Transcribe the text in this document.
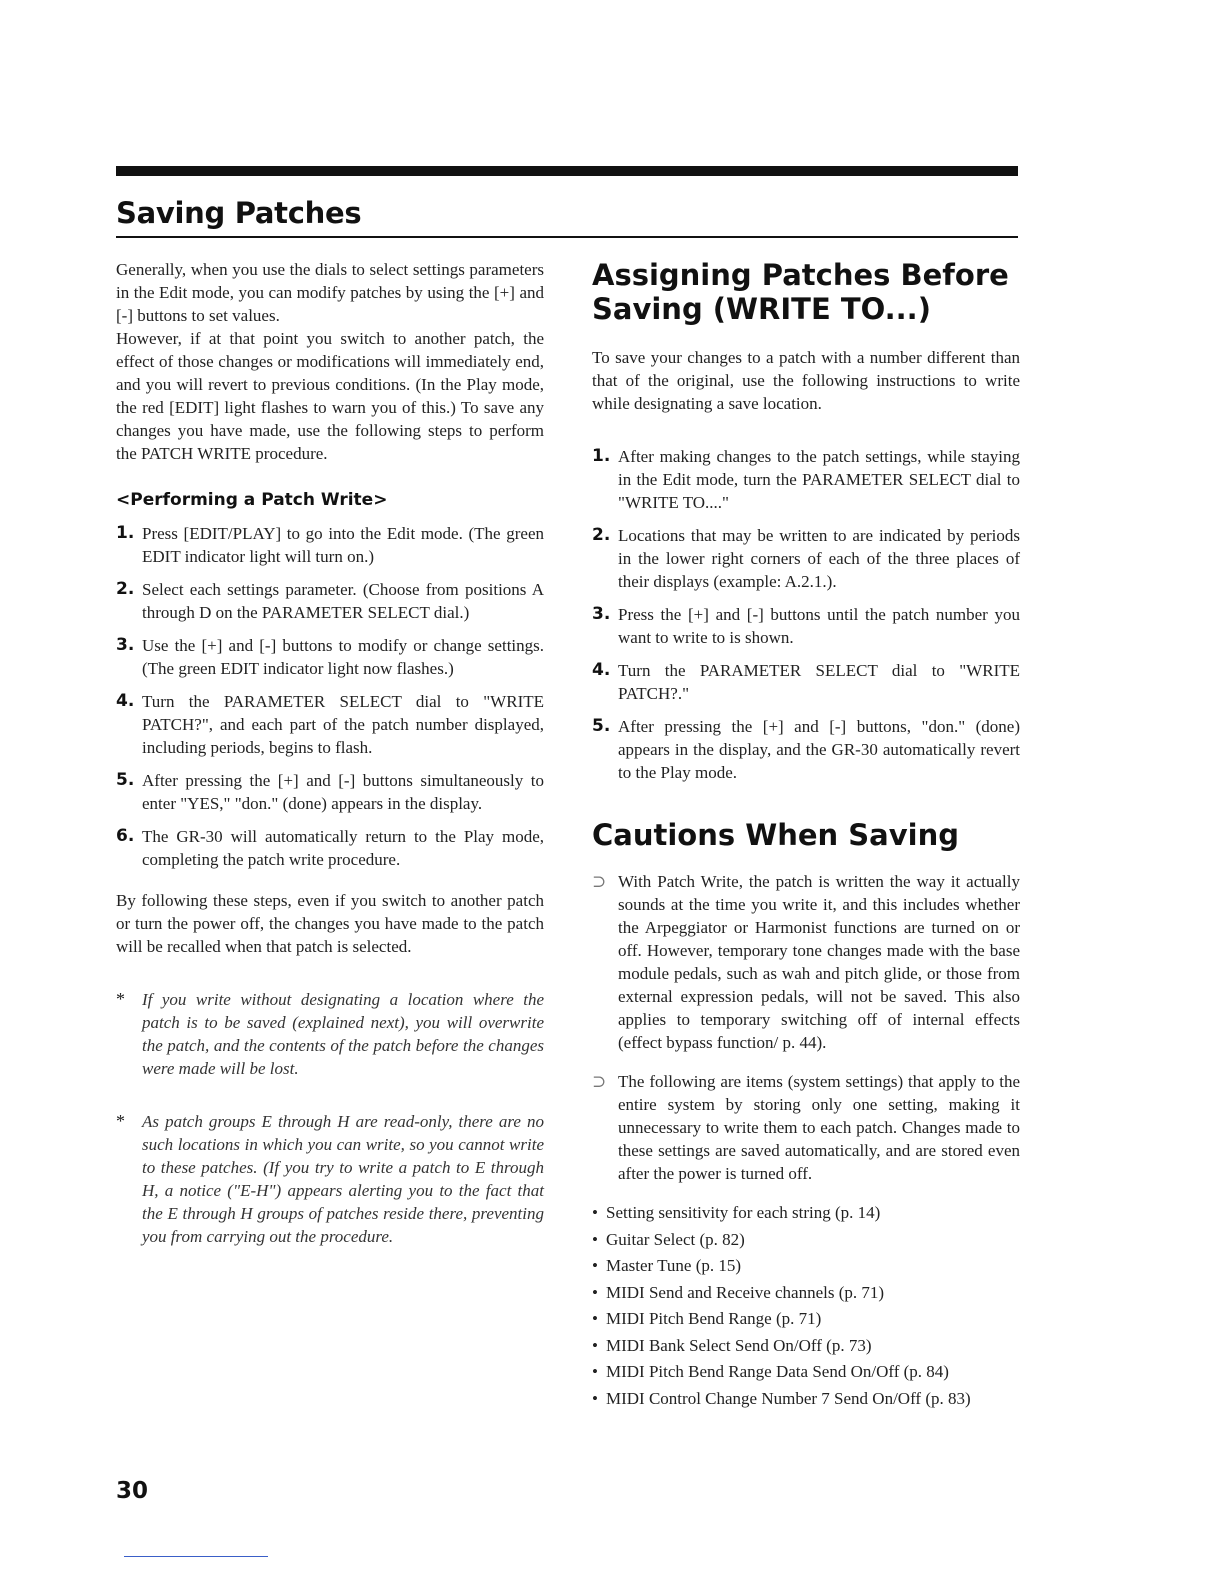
Saving Patches

Generally, when you use the dials to select settings parameters in the Edit mode, you can modify patches by using the [+] and [-] buttons to set values.

However, if at that point you switch to another patch, the effect of those changes or modifications will immediately end, and you will revert to previous conditions. (In the Play mode, the red [EDIT] light flashes to warn you of this.) To save any changes you have made, use the following steps to perform the PATCH WRITE procedure.

<Performing a Patch Write>
1. Press [EDIT/PLAY] to go into the Edit mode. (The green EDIT indicator light will turn on.)
2. Select each settings parameter. (Choose from positions A through D on the PARAMETER SELECT dial.)
3. Use the [+] and [-] buttons to modify or change settings. (The green EDIT indicator light now flashes.)
4. Turn the PARAMETER SELECT dial to "WRITE PATCH?", and each part of the patch number displayed, including periods, begins to flash.
5. After pressing the [+] and [-] buttons simultaneously to enter "YES," "don." (done) appears in the display.
6. The GR-30 will automatically return to the Play mode, completing the patch write procedure.

By following these steps, even if you switch to another patch or turn the power off, the changes you have made to the patch will be recalled when that patch is selected.

* If you write without designating a location where the patch is to be saved (explained next), you will overwrite the patch, and the contents of the patch before the changes were made will be lost.
* As patch groups E through H are read-only, there are no such locations in which you can write, so you cannot write to these patches. (If you try to write a patch to E through H, a notice ("E-H") appears alerting you to the fact that the E through H groups of patches reside there, preventing you from carrying out the procedure.
Assigning Patches Before Saving (WRITE TO...)

To save your changes to a patch with a number different than that of the original, use the following instructions to write while designating a save location.

1. After making changes to the patch settings, while staying in the Edit mode, turn the PARAMETER SELECT dial to "WRITE TO...."
2. Locations that may be written to are indicated by periods in the lower right corners of each of the three places of their displays (example: A.2.1.).
3. Press the [+] and [-] buttons until the patch number you want to write to is shown.
4. Turn the PARAMETER SELECT dial to "WRITE PATCH?."
5. After pressing the [+] and [-] buttons, "don." (done) appears in the display, and the GR-30 automatically revert to the Play mode.
Cautions When Saving
⊃ With Patch Write, the patch is written the way it actually sounds at the time you write it, and this includes whether the Arpeggiator or Harmonist functions are turned on or off. However, temporary tone changes made with the base module pedals, such as wah and pitch glide, or those from external expression pedals, will not be saved. This also applies to temporary switching off of internal effects (effect bypass function/ p. 44).
⊃ The following are items (system settings) that apply to the entire system by storing only one setting, making it unnecessary to write them to each patch. Changes made to these settings are saved automatically, and are stored even after the power is turned off.
• Setting sensitivity for each string (p. 14)
• Guitar Select (p. 82)
• Master Tune (p. 15)
• MIDI Send and Receive channels (p. 71)
• MIDI Pitch Bend Range (p. 71)
• MIDI Bank Select Send On/Off (p. 73)
• MIDI Pitch Bend Range Data Send On/Off (p. 84)
• MIDI Control Change Number 7 Send On/Off (p. 83)
30
